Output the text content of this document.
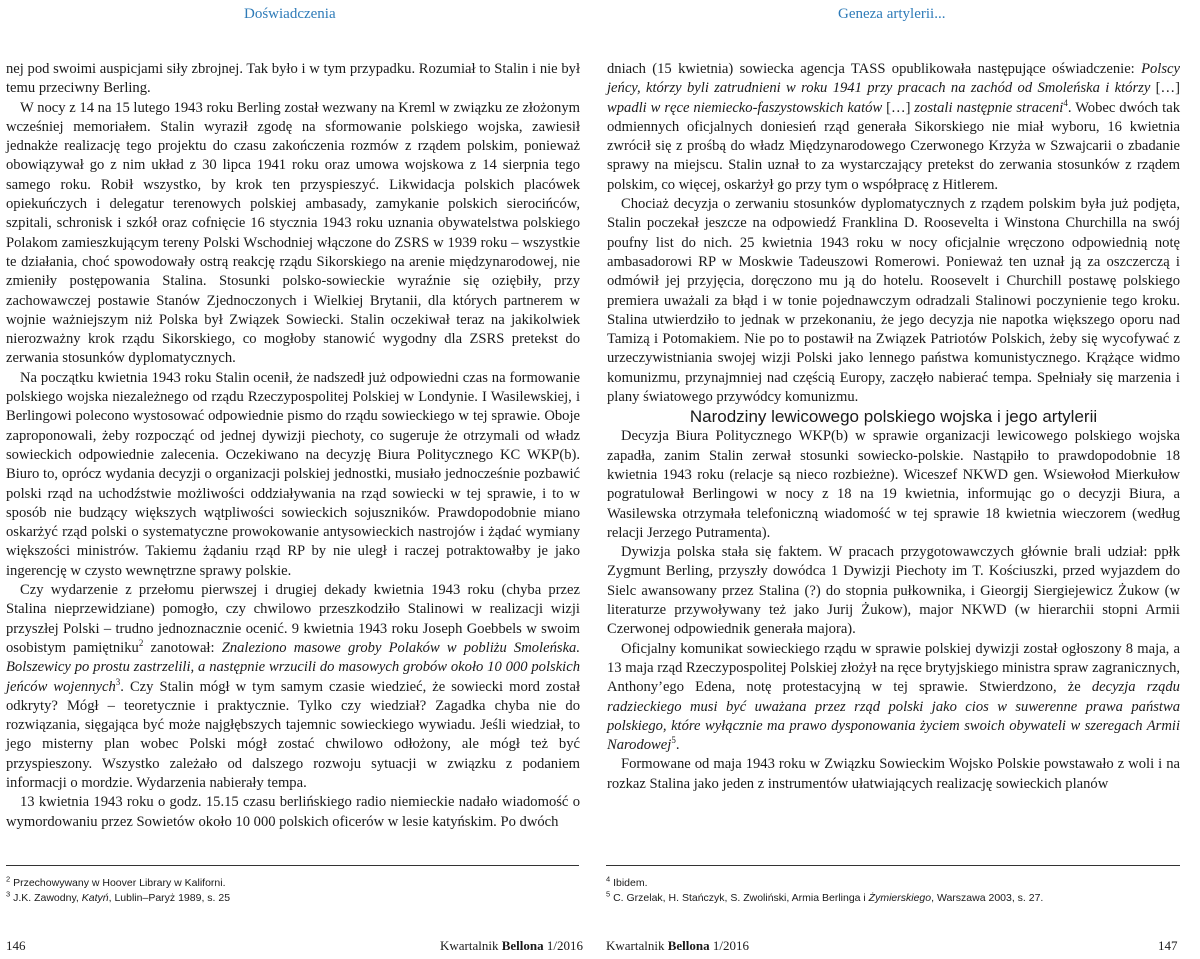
Doświadczenia

nej pod swoimi auspicjami siły zbrojnej. Tak było i w tym przypadku. Rozumiał to Stalin i nie był temu przeciwny Berling.

W nocy z 14 na 15 lutego 1943 roku Berling został wezwany na Kreml w związku ze złożonym wcześniej memoriałem. Stalin wyraził zgodę na sformowanie polskiego wojska, zawiesił jednakże realizację tego projektu do czasu zakończenia rozmów z rządem polskim, ponieważ obowiązywał go z nim układ z 30 lipca 1941 roku oraz umowa wojskowa z 14 sierpnia tego samego roku. Robił wszystko, by krok ten przyspieszyć. Likwidacja polskich placówek opiekuńczych i delegatur terenowych polskiej ambasady, zamykanie polskich sierocińców, szpitali, schronisk i szkół oraz cofnięcie 16 stycznia 1943 roku uznania obywatelstwa polskiego Polakom zamieszkującym tereny Polski Wschodniej włączone do ZSRS w 1939 roku – wszystkie te działania, choć spowodowały ostrą reakcję rządu Sikorskiego na arenie międzynarodowej, nie zmieniły postępowania Stalina. Stosunki polsko-sowieckie wyraźnie się oziębiły, przy zachowawczej postawie Stanów Zjednoczonych i Wielkiej Brytanii, dla których partnerem w wojnie ważniejszym niż Polska był Związek Sowiecki. Stalin oczekiwał teraz na jakikolwiek nierozważny krok rządu Sikorskiego, co mogłoby stanowić wygodny dla ZSRS pretekst do zerwania stosunków dyplomatycznych.

Na początku kwietnia 1943 roku Stalin ocenił, że nadszedł już odpowiedni czas na formowanie polskiego wojska niezależnego od rządu Rzeczypospolitej Polskiej w Londynie. I Wasilewskiej, i Berlingowi polecono wystosować odpowiednie pismo do rządu sowieckiego w tej sprawie. Oboje zaproponowali, żeby rozpocząć od jednej dywizji piechoty, co sugeruje że otrzymali od władz sowieckich odpowiednie zalecenia. Oczekiwano na decyzję Biura Politycznego KC WKP(b). Biuro to, oprócz wydania decyzji o organizacji polskiej jednostki, musiało jednocześnie pozbawić polski rząd na uchodźstwie możliwości oddziaływania na rząd sowiecki w tej sprawie, i to w sposób nie budzący większych wątpliwości sowieckich sojuszników. Prawdopodobnie miano oskarżyć rząd polski o systematyczne prowokowanie antysowieckich nastrojów i żądać wymiany większości ministrów. Takiemu żądaniu rząd RP by nie uległ i raczej potraktowałby je jako ingerencję w czysto wewnętrzne sprawy polskie.

Czy wydarzenie z przełomu pierwszej i drugiej dekady kwietnia 1943 roku (chyba przez Stalina nieprzewidziane) pomogło, czy chwilowo przeszkodziło Stalinowi w realizacji wizji przyszłej Polski – trudno jednoznacznie ocenić. 9 kwietnia 1943 roku Joseph Goebbels w swoim osobistym pamiętniku$^2$ zanotował: Znaleziono masowe groby Polaków w pobliżu Smoleńska. Bolszewicy po prostu zastrzelili, a następnie wrzucili do masowych grobów około 10 000 polskich jeńców wojennych$^3$. Czy Stalin mógł w tym samym czasie wiedzieć, że sowiecki mord został odkryty? Mógł – teoretycznie i praktycznie. Tylko czy wiedział? Zagadka chyba nie do rozwiązania, sięgająca być może najgłębszych tajemnic sowieckiego wywiadu. Jeśli wiedział, to jego misterny plan wobec Polski mógł zostać chwilowo odłożony, ale mógł też być przyspieszony. Wszystko zależało od dalszego rozwoju sytuacji w związku z podaniem informacji o mordzie. Wydarzenia nabierały tempa.

13 kwietnia 1943 roku o godz. 15.15 czasu berlińskiego radio niemieckie nadało wiadomość o wymordowaniu przez Sowietów około 10 000 polskich oficerów w lesie katyńskim. Po dwóch

$^2$ Przechowywany w Hoover Library w Kaliforni.
$^3$ J.K. Zawodny, Katyń, Lublin–Paryż 1989, s. 25
146	Kwartalnik Bellona 1/2016
Geneza artylerii...

dniach (15 kwietnia) sowiecka agencja TASS opublikowała następujące oświadczenie: Polscy jeńcy, którzy byli zatrudnieni w roku 1941 przy pracach na zachód od Smoleńska i którzy […] wpadli w ręce niemiecko-faszystowskich katów […] zostali następnie straceni$^4$. Wobec dwóch tak odmiennych oficjalnych doniesień rząd generała Sikorskiego nie miał wyboru, 16 kwietnia zwrócił się z prośbą do władz Międzynarodowego Czerwonego Krzyża w Szwajcarii o zbadanie sprawy na miejscu. Stalin uznał to za wystarczający pretekst do zerwania stosunków z rządem polskim, co więcej, oskarżył go przy tym o współpracę z Hitlerem.

Chociaż decyzja o zerwaniu stosunków dyplomatycznych z rządem polskim była już podjęta, Stalin poczekał jeszcze na odpowiedź Franklina D. Roosevelta i Winstona Churchilla na swój poufny list do nich. 25 kwietnia 1943 roku w nocy oficjalnie wręczono odpowiednią notę ambasadorowi RP w Moskwie Tadeuszowi Romerowi. Ponieważ ten uznał ją za oszczerczą i odmówił jej przyjęcia, doręczono mu ją do hotelu. Roosevelt i Churchill postawę polskiego premiera uważali za błąd i w tonie pojednawczym odradzali Stalinowi poczynienie tego kroku. Stalina utwierdziło to jednak w przekonaniu, że jego decyzja nie napotka większego oporu nad Tamizą i Potomakiem. Nie po to postawił na Związek Patriotów Polskich, żeby się wycofywać z urzeczywistniania swojej wizji Polski jako lennego państwa komunistycznego. Krążące widmo komunizmu, przynajmniej nad częścią Europy, zaczęło nabierać tempa. Spełniały się marzenia i plany światowego przywódcy komunizmu.

Narodziny lewicowego polskiego wojska i jego artylerii

Decyzja Biura Politycznego WKP(b) w sprawie organizacji lewicowego polskiego wojska zapadła, zanim Stalin zerwał stosunki sowiecko-polskie. Nastąpiło to prawdopodobnie 18 kwietnia 1943 roku (relacje są nieco rozbieżne). Wiceszef NKWD gen. Wsiewołod Mierkułow pogratulował Berlingowi w nocy z 18 na 19 kwietnia, informując go o decyzji Biura, a Wasilewska otrzymała telefoniczną wiadomość w tej sprawie 18 kwietnia wieczorem (według relacji Jerzego Putramenta).

Dywizja polska stała się faktem. W pracach przygotowawczych głównie brali udział: ppłk Zygmunt Berling, przyszły dowódca 1 Dywizji Piechoty im T. Kościuszki, przed wyjazdem do Sielc awansowany przez Stalina (?) do stopnia pułkownika, i Gieorgij Siergiejewicz Żukow (w literaturze przywoływany też jako Jurij Żukow), major NKWD (w hierarchii stopni Armii Czerwonej odpowiednik generała majora).

Oficjalny komunikat sowieckiego rządu w sprawie polskiej dywizji został ogłoszony 8 maja, a 13 maja rząd Rzeczypospolitej Polskiej złożył na ręce brytyjskiego ministra spraw zagranicznych, Anthony’ego Edena, notę protestacyjną w tej sprawie. Stwierdzono, że decyzja rządu radzieckiego musi być uważana przez rząd polski jako cios w suwerenne prawa państwa polskiego, które wyłącznie ma prawo dysponowania życiem swoich obywateli w szeregach Armii Narodowej$^5$.

Formowane od maja 1943 roku w Związku Sowieckim Wojsko Polskie powstawało z woli i na rozkaz Stalina jako jeden z instrumentów ułatwiających realizację sowieckich planów

$^4$ Ibidem.
$^5$ C. Grzelak, H. Stańczyk, S. Zwoliński, Armia Berlinga i Żymierskiego, Warszawa 2003, s. 27.
Kwartalnik Bellona 1/2016	147
